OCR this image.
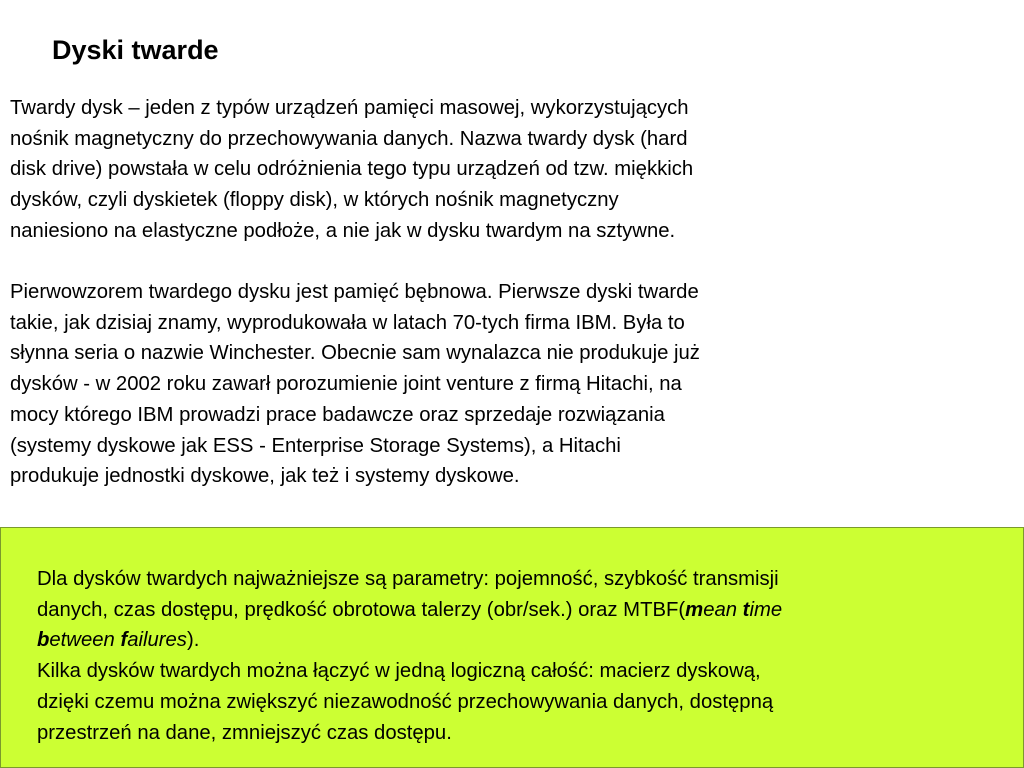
Dyski twarde

Twardy dysk – jeden z typów urządzeń pamięci masowej, wykorzystujących
nośnik magnetyczny do przechowywania danych. Nazwa twardy dysk (hard
disk drive) powstała w celu odróżnienia tego typu urządzeń od tzw. miękkich
dysków, czyli dyskietek (floppy disk), w których nośnik magnetyczny
naniesiono na elastyczne podłoże, a nie jak w dysku twardym na sztywne.

Pierwowzorem twardego dysku jest pamięć bębnowa. Pierwsze dyski twarde
takie, jak dzisiaj znamy, wyprodukowała w latach 70-tych firma IBM. Była to
słynna seria o nazwie Winchester. Obecnie sam wynalazca nie produkuje już
dysków - w 2002 roku zawarł porozumienie joint venture z firmą Hitachi, na
mocy którego IBM prowadzi prace badawcze oraz sprzedaje rozwiązania
(systemy dyskowe jak ESS - Enterprise Storage Systems), a Hitachi
produkuje jednostki dyskowe, jak też i systemy dyskowe.

Dla dysków twardych najważniejsze są parametry: pojemność, szybkość transmisji
danych, czas dostępu, prędkość obrotowa talerzy (obr/sek.) oraz MTBF(mean time
between failures).
Kilka dysków twardych można łączyć w jedną logiczną całość: macierz dyskową,
dzięki czemu można zwiększyć niezawodność przechowywania danych, dostępną
przestrzeń na dane, zmniejszyć czas dostępu.
